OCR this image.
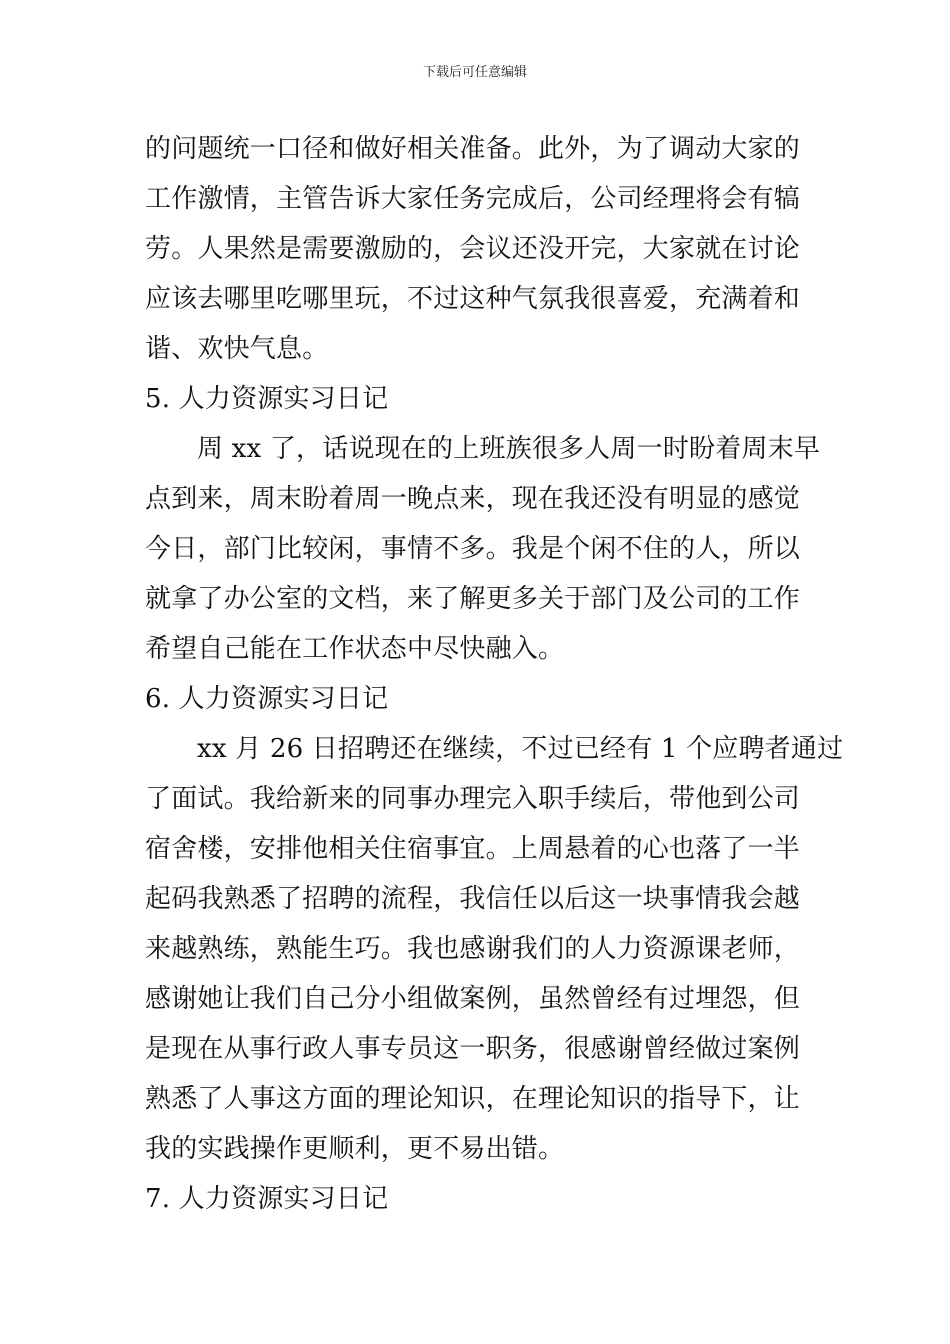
下载后可任意编辑
的问题统一口径和做好相关准备。此外，为了调动大家的
工作激情，主管告诉大家任务完成后，公司经理将会有犒
劳。人果然是需要激励的，会议还没开完，大家就在讨论
应该去哪里吃哪里玩，不过这种气氛我很喜爱，充满着和
谐、欢快气息。
5. 人力资源实习日记
周 xx 了，话说现在的上班族很多人周一时盼着周末早
点到来，周末盼着周一晚点来，现在我还没有明显的感觉
今日，部门比较闲，事情不多。我是个闲不住的人，所以
就拿了办公室的文档，来了解更多关于部门及公司的工作
希望自己能在工作状态中尽快融入。
6. 人力资源实习日记
xx 月 26 日招聘还在继续，不过已经有 1 个应聘者通过
了面试。我给新来的同事办理完入职手续后，带他到公司
宿舍楼，安排他相关住宿事宜。上周悬着的心也落了一半
起码我熟悉了招聘的流程，我信任以后这一块事情我会越
来越熟练，熟能生巧。我也感谢我们的人力资源课老师，
感谢她让我们自己分小组做案例，虽然曾经有过埋怨，但
是现在从事行政人事专员这一职务，很感谢曾经做过案例
熟悉了人事这方面的理论知识，在理论知识的指导下，让
我的实践操作更顺利，更不易出错。
7. 人力资源实习日记
